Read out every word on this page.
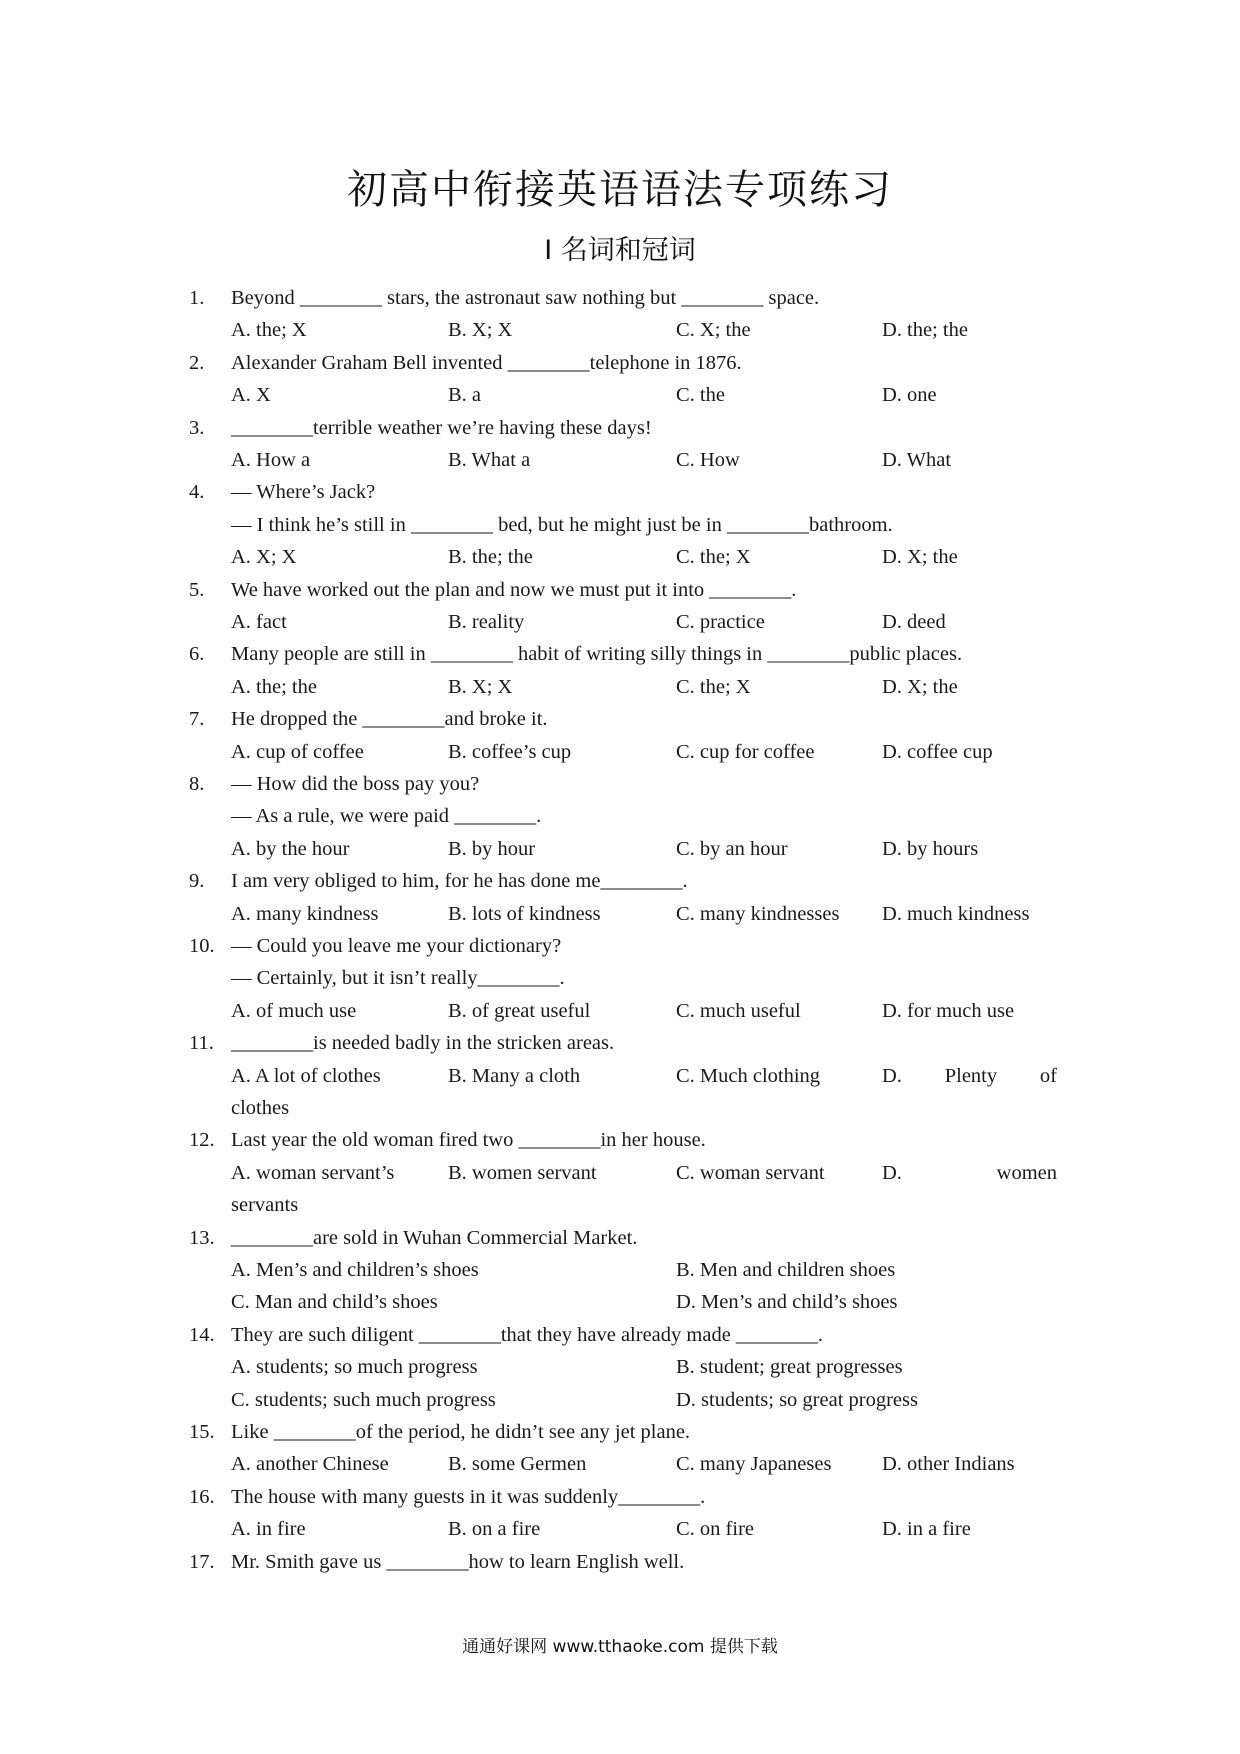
初高中衔接英语语法专项练习
I 名词和冠词
1.	Beyond ________ stars, the astronaut saw nothing but ________ space.
A. the; X	B. X; X	C. X; the	D. the; the
2.	Alexander Graham Bell invented ________telephone in 1876.
A. X	B. a	C. the	D. one
3.	________terrible weather we’re having these days!
A. How a	B. What a	C. How	D. What
4.	— Where’s Jack?
— I think he’s still in ________ bed, but he might just be in ________bathroom.
A. X; X	B. the; the	C. the; X	D. X; the
5.	We have worked out the plan and now we must put it into ________.
A. fact	B. reality	C. practice	D. deed
6.	Many people are still in ________ habit of writing silly things in ________public places.
A. the; the	B. X; X	C. the; X	D. X; the
7.	He dropped the ________and broke it.
A. cup of coffee	B. coffee’s cup	C. cup for coffee	D. coffee cup
8.	— How did the boss pay you?
— As a rule, we were paid ________.
A. by the hour	B. by hour	C. by an hour	D. by hours
9.	I am very obliged to him, for he has done me________.
A. many kindness	B. lots of kindness	C. many kindnesses D. much kindness
10. — Could you leave me your dictionary?
— Certainly, but it isn’t really________.
A. of much use	B. of great useful	C. much useful	D. for much use
11. ________is needed badly in the stricken areas.
A. A lot of clothes	B. Many a cloth	C. Much clothing	D. Plenty of
clothes
12. Last year the old woman fired two ________in her house.
A. woman servant’s	B. women servant	C. woman servant	D.	women
servants
13. ________are sold in Wuhan Commercial Market.
A. Men’s and children’s shoes	B. Men and children shoes
C. Man and child’s shoes	D. Men’s and child’s shoes
14. They are such diligent ________that they have already made ________.
A. students; so much progress	B. student; great progresses
C. students; such much progress	D. students; so great progress
15. Like ________of the period, he didn’t see any jet plane.
A. another Chinese	B. some Germen	C. many Japaneses D. other Indians
16. The house with many guests in it was suddenly________.
A. in fire	B. on a fire	C. on fire	D. in a fire
17. Mr. Smith gave us ________how to learn English well.
通通好课网 www.tthaoke.com 提供下载
